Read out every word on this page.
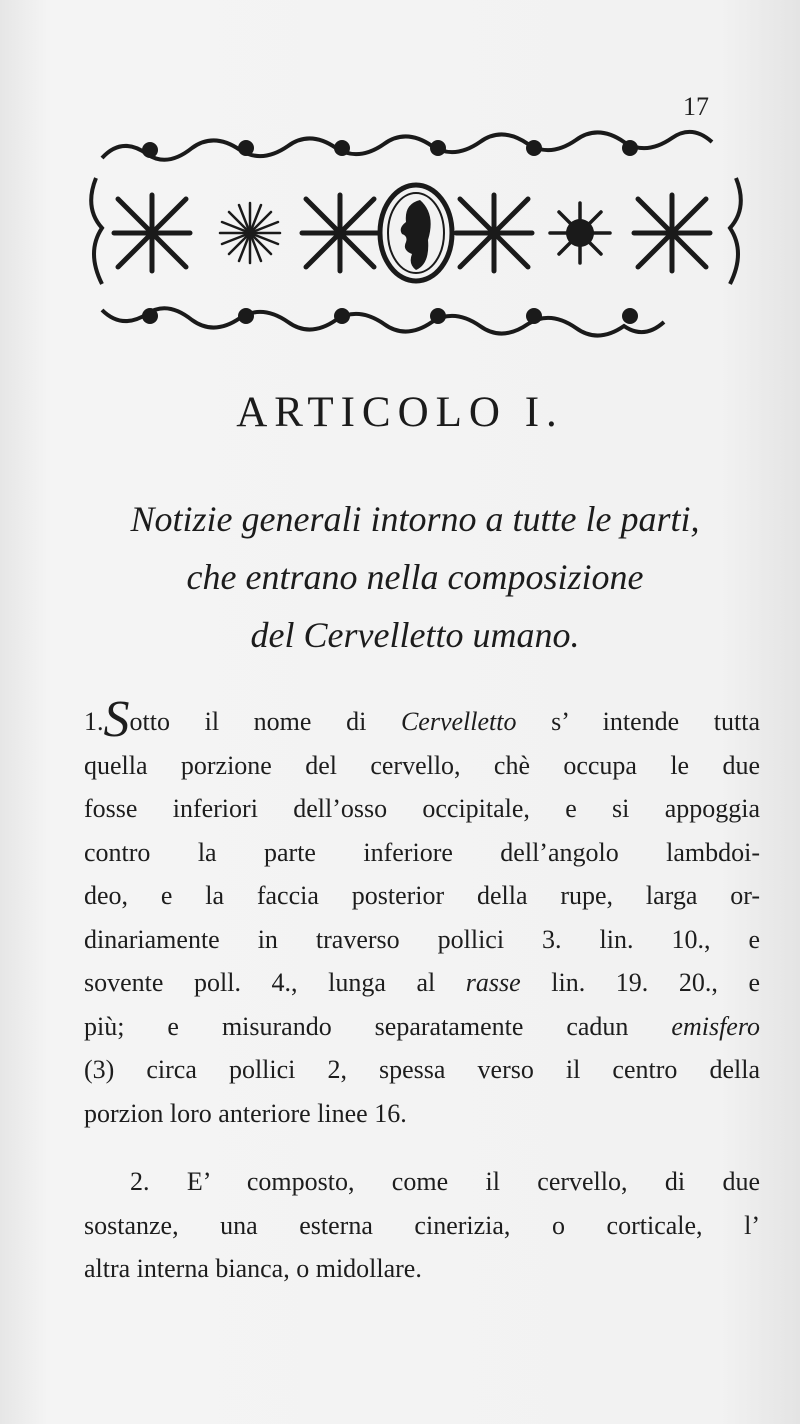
17
ARTICOLO I.
Notizie generali intorno a tutte le parti,
che entrano nella composizione
del Cervelletto umano.
1.Sotto il nome di Cervelletto s’ intende tutta
quella porzione del cervello, chè occupa le due
fosse inferiori dell’osso occipitale, e si appoggia
contro la parte inferiore dell’angolo lambdoi-
deo, e la faccia posterior della rupe, larga or-
dinariamente in traverso pollici 3. lin. 10., e
sovente poll. 4., lunga al rasse lin. 19. 20., e
più; e misurando separatamente cadun emisfero
(3) circa pollici 2, spessa verso il centro della
porzion loro anteriore linee 16.
2. E’ composto, come il cervello, di due
sostanze, una esterna cinerizia, o corticale, l’
altra interna bianca, o midollare.
